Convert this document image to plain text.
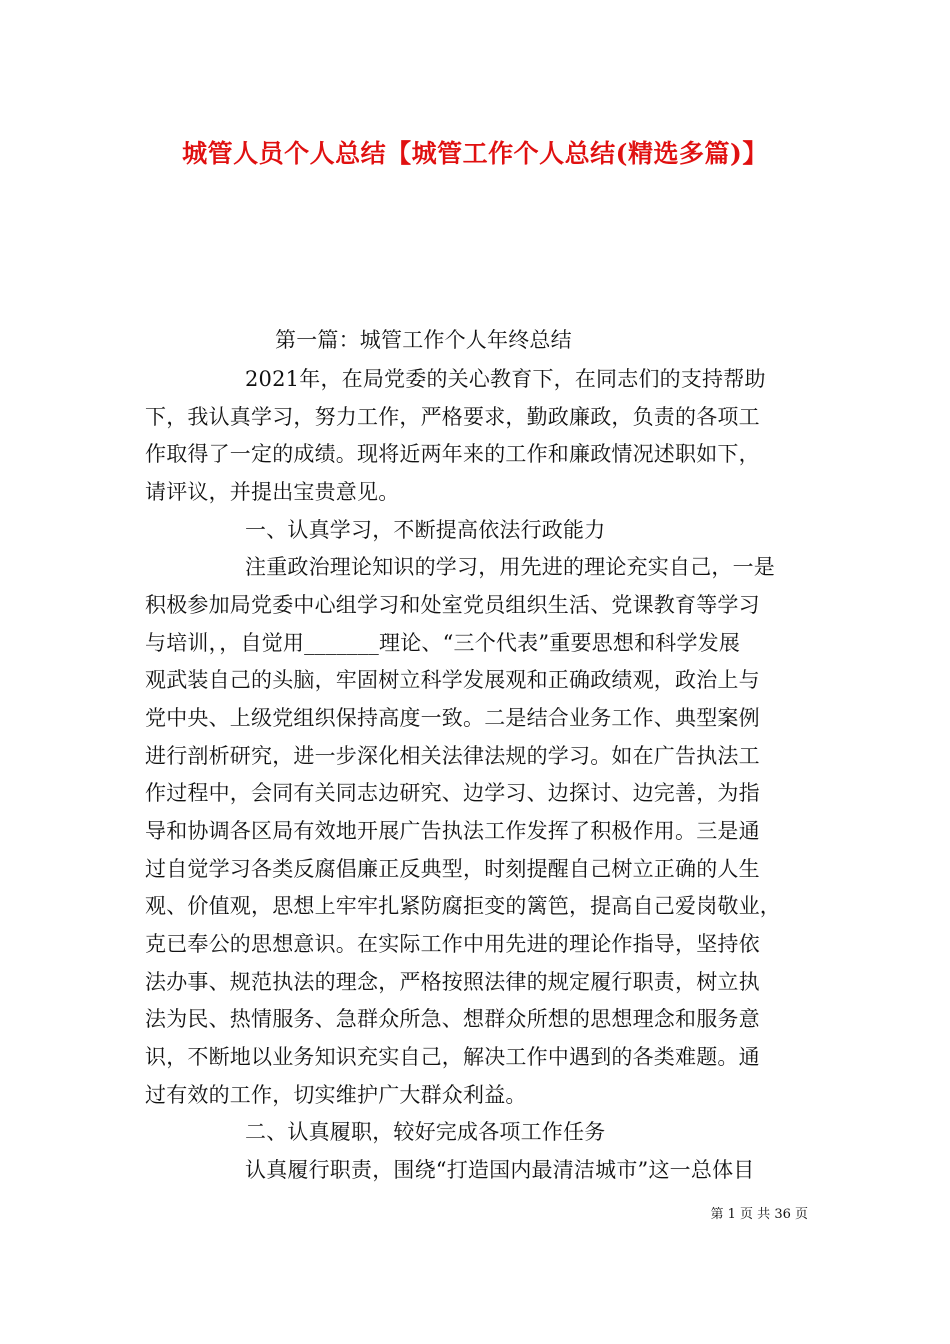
城管人员个人总结【城管工作个人总结(精选多篇)】
第一篇：城管工作个人年终总结
2021年，在局党委的关心教育下，在同志们的支持帮助
下，我认真学习，努力工作，严格要求，勤政廉政，负责的各项工
作取得了一定的成绩。现将近两年来的工作和廉政情况述职如下，
请评议，并提出宝贵意见。
一、认真学习，不断提高依法行政能力
注重政治理论知识的学习，用先进的理论充实自己，一是
积极参加局党委中心组学习和处室党员组织生活、党课教育等学习
与培训，，自觉用_______理论、“三个代表”重要思想和科学发展
观武装自己的头脑，牢固树立科学发展观和正确政绩观，政治上与
党中央、上级党组织保持高度一致。二是结合业务工作、典型案例
进行剖析研究，进一步深化相关法律法规的学习。如在广告执法工
作过程中，会同有关同志边研究、边学习、边探讨、边完善，为指
导和协调各区局有效地开展广告执法工作发挥了积极作用。三是通
过自觉学习各类反腐倡廉正反典型，时刻提醒自己树立正确的人生
观、价值观，思想上牢牢扎紧防腐拒变的篱笆，提高自己爱岗敬业，
克已奉公的思想意识。在实际工作中用先进的理论作指导，坚持依
法办事、规范执法的理念，严格按照法律的规定履行职责，树立执
法为民、热情服务、急群众所急、想群众所想的思想理念和服务意
识，不断地以业务知识充实自己，解决工作中遇到的各类难题。通
过有效的工作，切实维护广大群众利益。
二、认真履职，较好完成各项工作任务
认真履行职责，围绕“打造国内最清洁城市”这一总体目
第 1 页 共 36 页
